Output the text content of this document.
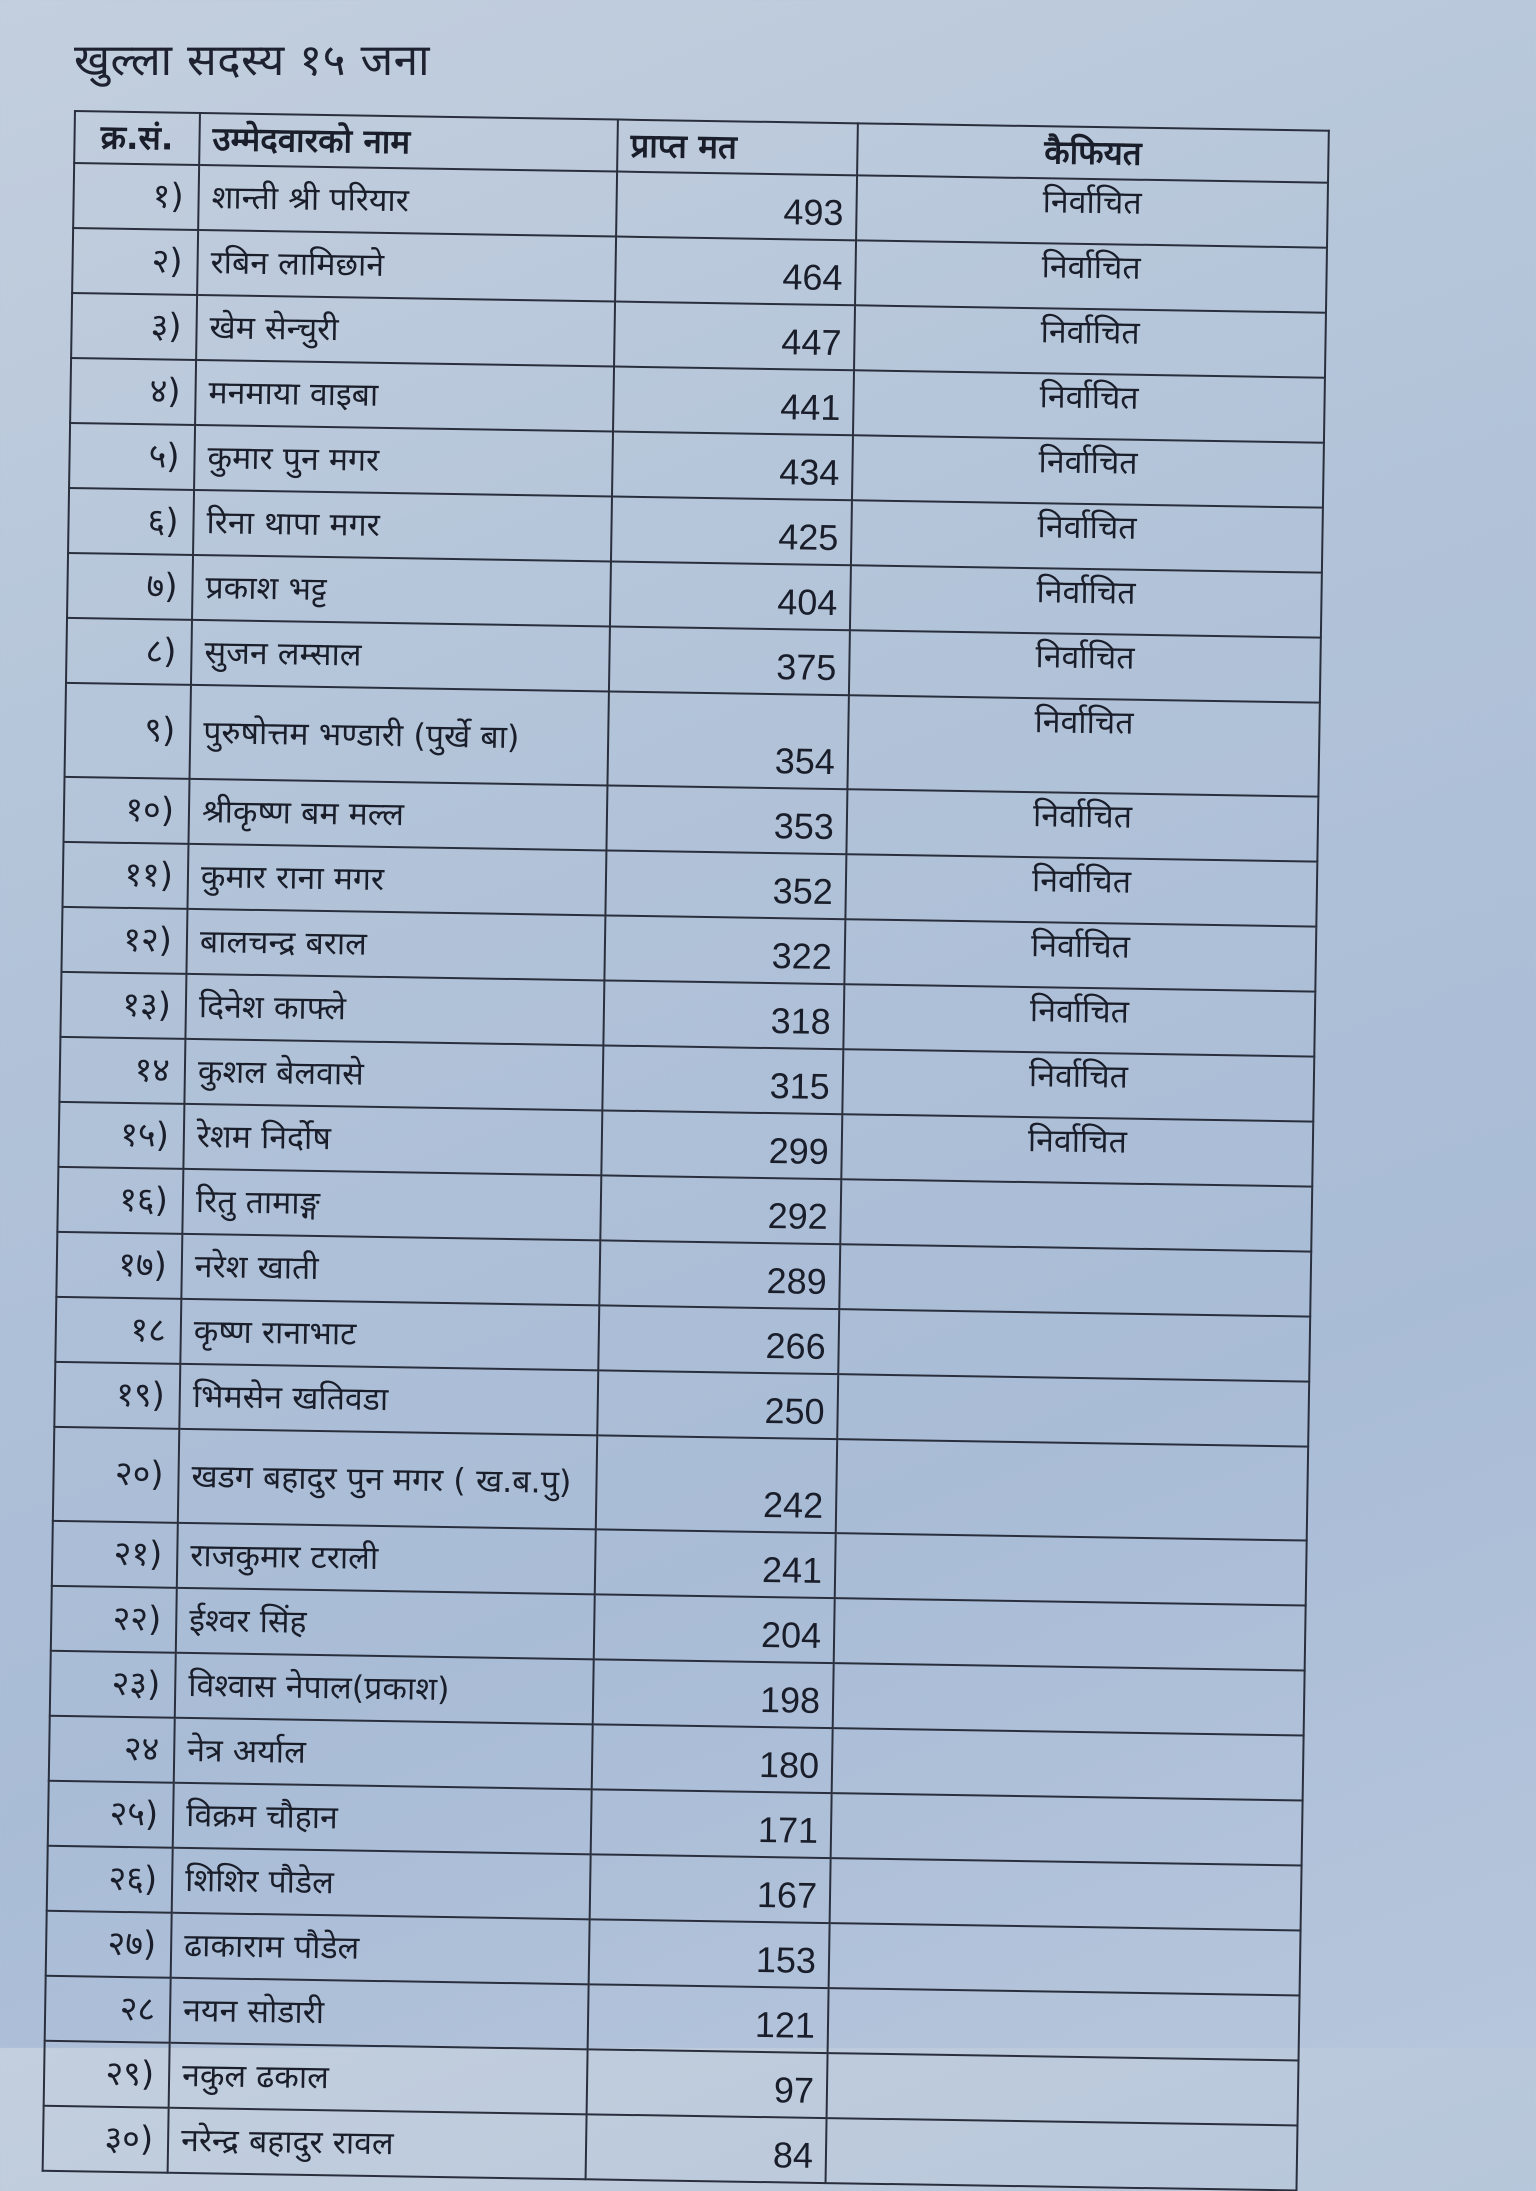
खुल्ला सदस्य १५ जना
क्र.सं.	उम्मेदवारको नाम	प्राप्त मत	कैफियत
१)	शान्ती श्री परियार	493	निर्वाचित
२)	रबिन लामिछाने	464	निर्वाचित
३)	खेम सेन्चुरी	447	निर्वाचित
४)	मनमाया वाइबा	441	निर्वाचित
५)	कुमार पुन मगर	434	निर्वाचित
६)	रिना थापा मगर	425	निर्वाचित
७)	प्रकाश भट्ट	404	निर्वाचित
८)	सुजन लम्साल	375	निर्वाचित
९)	पुरुषोत्तम भण्डारी (पुर्खे बा)	354	निर्वाचित
१०)	श्रीकृष्ण बम मल्ल	353	निर्वाचित
११)	कुमार राना मगर	352	निर्वाचित
१२)	बालचन्द्र बराल	322	निर्वाचित
१३)	दिनेश काफ्ले	318	निर्वाचित
१४	कुशल बेलवासे	315	निर्वाचित
१५)	रेशम निर्दोष	299	निर्वाचित
१६)	रितु तामाङ्ग	292	
१७)	नरेश खाती	289	
१८	कृष्ण रानाभाट	266	
१९)	भिमसेन खतिवडा	250	
२०)	खडग बहादुर पुन मगर ( ख.ब.पु)	242	
२१)	राजकुमार टराली	241	
२२)	ईश्वर सिंह	204	
२३)	विश्वास नेपाल(प्रकाश)	198	
२४	नेत्र अर्याल	180	
२५)	विक्रम चौहान	171	
२६)	शिशिर पौडेल	167	
२७)	ढाकाराम पौडेल	153	
२८	नयन सोडारी	121	
२९)	नकुल ढकाल	97	
३०)	नरेन्द्र बहादुर रावल	84	
